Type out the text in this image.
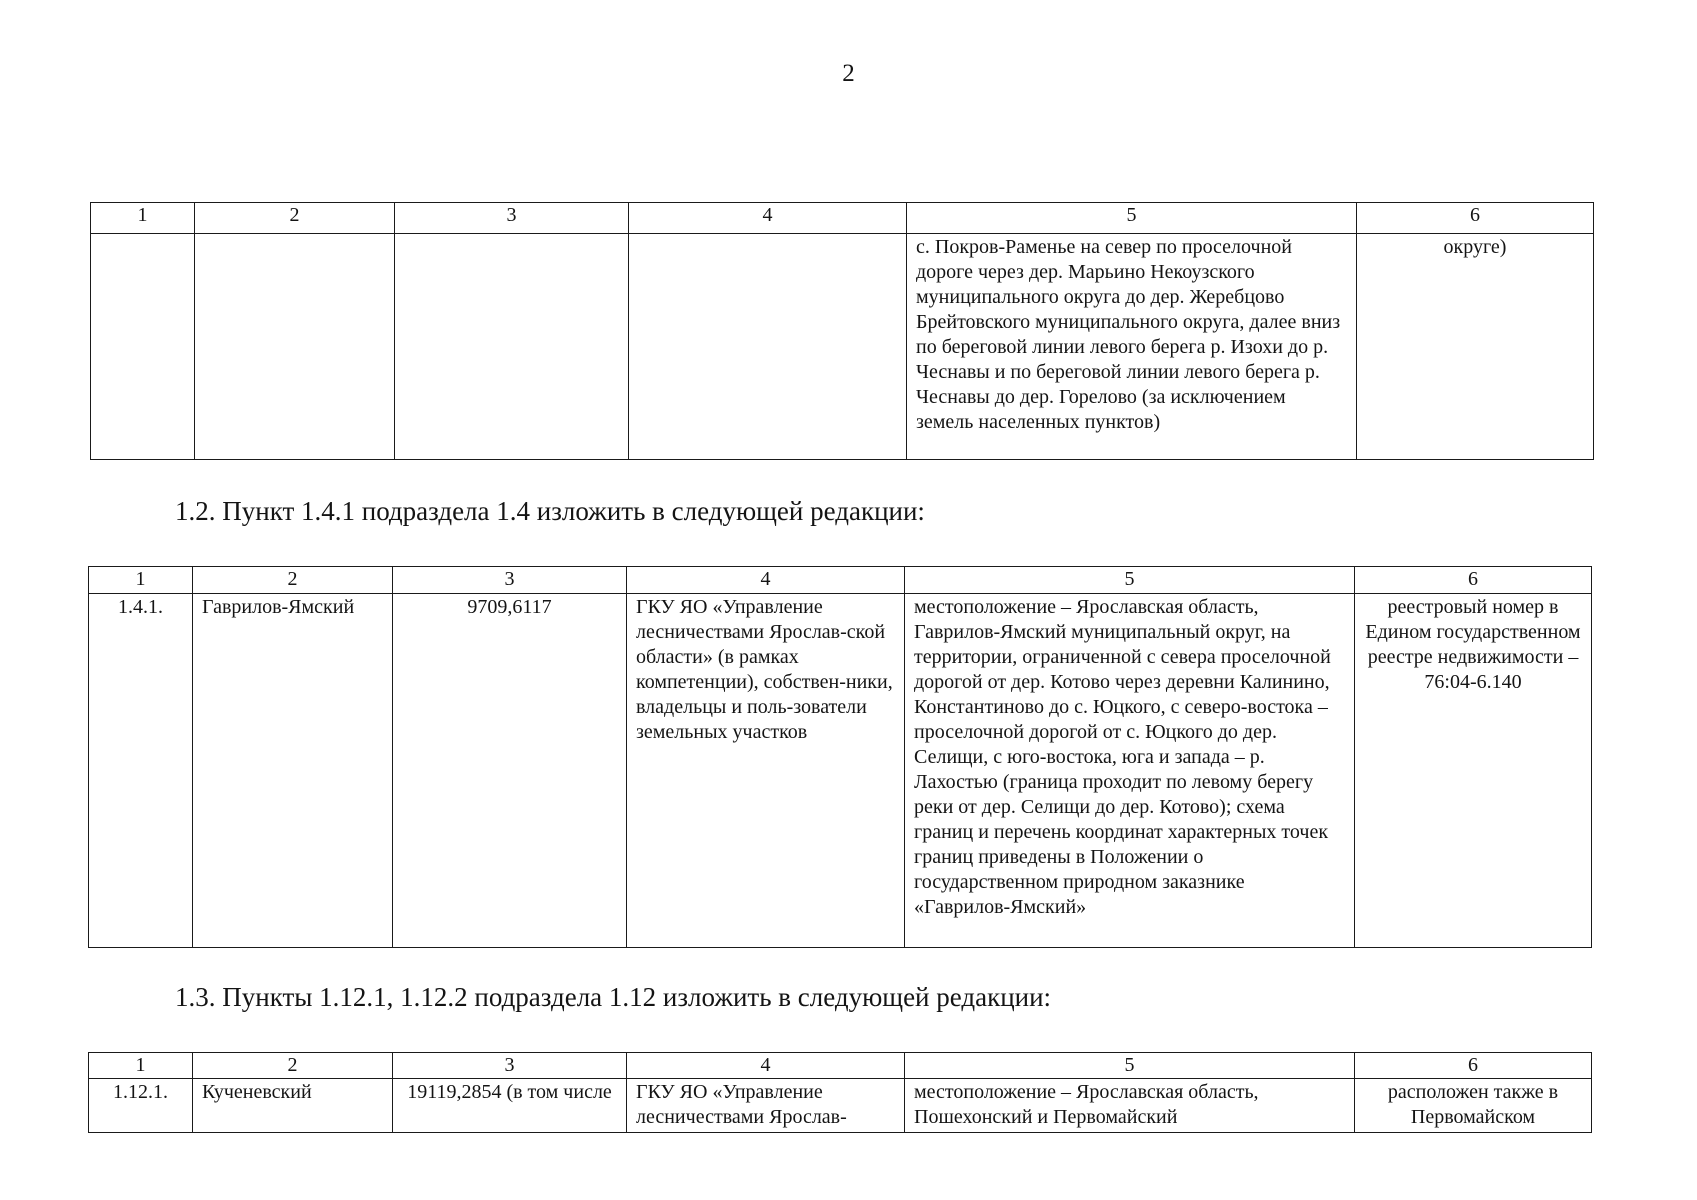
2
1	2	3	4	5	6
				с. Покров-Раменье на север по проселочной дороге через дер. Марьино Некоузского муниципального округа до дер. Жеребцово Брейтовского муниципального округа, далее вниз по береговой линии левого берега р. Изохи до р. Чеснавы и по береговой линии левого берега р. Чеснавы до дер. Горелово (за исключением земель населенных пунктов)	округе)
1.2. Пункт 1.4.1 подраздела 1.4 изложить в следующей редакции:
1	2	3	4	5	6
1.4.1.	Гаврилов-Ямский	9709,6117	ГКУ ЯО «Управление лесничествами Ярослав-ской области» (в рамках компетенции), собствен-ники, владельцы и поль-зователи земельных участков	местоположение – Ярославская область, Гаврилов-Ямский муниципальный округ, на территории, ограниченной с севера проселочной дорогой от дер. Котово через деревни Калинино, Константиново до с. Юцкого, с северо-востока – проселочной дорогой от с. Юцкого до дер. Селищи, с юго-востока, юга и запада – р. Лахостью (граница проходит по левому берегу реки от дер. Селищи до дер. Котово); схема границ и перечень координат характерных точек границ приведены в Положении о государственном природном заказнике «Гаврилов-Ямский»	реестровый номер в Едином государственном реестре недвижимости – 76:04-6.140
1.3. Пункты 1.12.1, 1.12.2 подраздела 1.12 изложить в следующей редакции:
1	2	3	4	5	6
1.12.1.	Кученевский	19119,2854 (в том числе	ГКУ ЯО «Управление лесничествами Ярослав-	местоположение – Ярославская область, Пошехонский и Первомайский	расположен также в Первомайском
